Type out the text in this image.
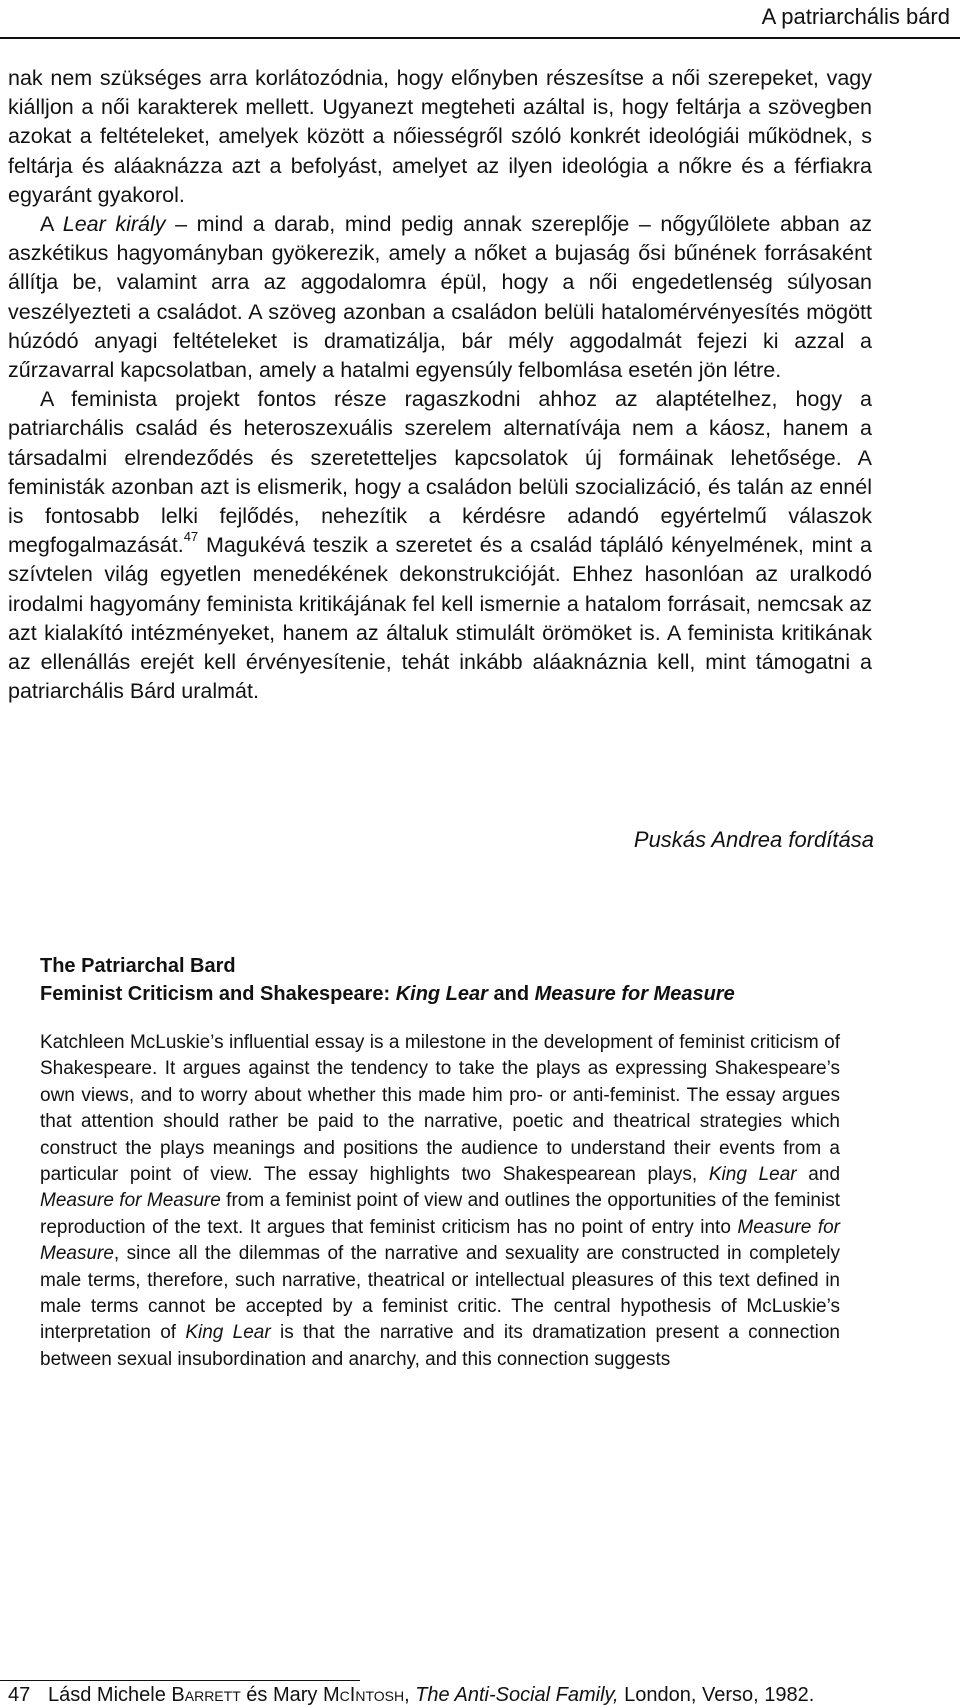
A patriarchális bárd

nak nem szükséges arra korlátozódnia, hogy előnyben részesítse a női szerepeket, vagy kiálljon a női karakterek mellett. Ugyanezt megteheti azáltal is, hogy feltárja a szövegben azokat a feltételeket, amelyek között a nőiességről szóló konkrét ideológiái működnek, s feltárja és aláaknázza azt a befolyást, amelyet az ilyen ideológia a nőkre és a férfiakra egyaránt gyakorol.

A Lear király – mind a darab, mind pedig annak szereplője – nőgyűlölete abban az aszkétikus hagyományban gyökerezik, amely a nőket a bujaság ősi bűnének forrásaként állítja be, valamint arra az aggodalomra épül, hogy a női engedetlenség súlyosan veszélyezteti a családot. A szöveg azonban a családon belüli hatalomérvényesítés mögött húzódó anyagi feltételeket is dramatizálja, bár mély aggodalmát fejezi ki azzal a zűrzavarral kapcsolatban, amely a hatalmi egyensúly felbomlása esetén jön létre.

A feminista projekt fontos része ragaszkodni ahhoz az alaptételhez, hogy a patriarchális család és heteroszexuális szerelem alternatívája nem a káosz, hanem a társadalmi elrendeződés és szeretetteljes kapcsolatok új formáinak lehetősége. A feministák azonban azt is elismerik, hogy a családon belüli szocializáció, és talán az ennél is fontosabb lelki fejlődés, nehezítik a kérdésre adandó egyértelmű válaszok megfogalmazását.$^{47}$ Magukévá teszik a szeretet és a család tápláló kényelmének, mint a szívtelen világ egyetlen menedékének dekonstrukcióját. Ehhez hasonlóan az uralkodó irodalmi hagyomány feminista kritikájának fel kell ismernie a hatalom forrásait, nemcsak az azt kialakító intézményeket, hanem az általuk stimulált örömöket is. A feminista kritikának az ellenállás erejét kell érvényesítenie, tehát inkább aláaknáznia kell, mint támogatni a patriarchális Bárd uralmát.

Puskás Andrea fordítása
The Patriarchal Bard
Feminist Criticism and Shakespeare: King Lear and Measure for Measure

Katchleen McLuskie’s influential essay is a milestone in the development of feminist criticism of Shakespeare. It argues against the tendency to take the plays as expressing Shakespeare’s own views, and to worry about whether this made him pro- or anti-feminist. The essay argues that attention should rather be paid to the narrative, poetic and theatrical strategies which construct the plays meanings and positions the audience to understand their events from a particular point of view. The essay highlights two Shakespearean plays, King Lear and Measure for Measure from a feminist point of view and outlines the opportunities of the feminist reproduction of the text. It argues that feminist criticism has no point of entry into Measure for Measure, since all the dilemmas of the narrative and sexuality are constructed in completely male terms, therefore, such narrative, theatrical or intellectual pleasures of this text defined in male terms cannot be accepted by a feminist critic. The central hypothesis of McLuskie’s interpretation of King Lear is that the narrative and its dramatization present a connection between sexual insubordination and anarchy, and this connection suggests

47 Lásd Michele Barrett és Mary McIntosh, The Anti-Social Family, London, Verso, 1982.
